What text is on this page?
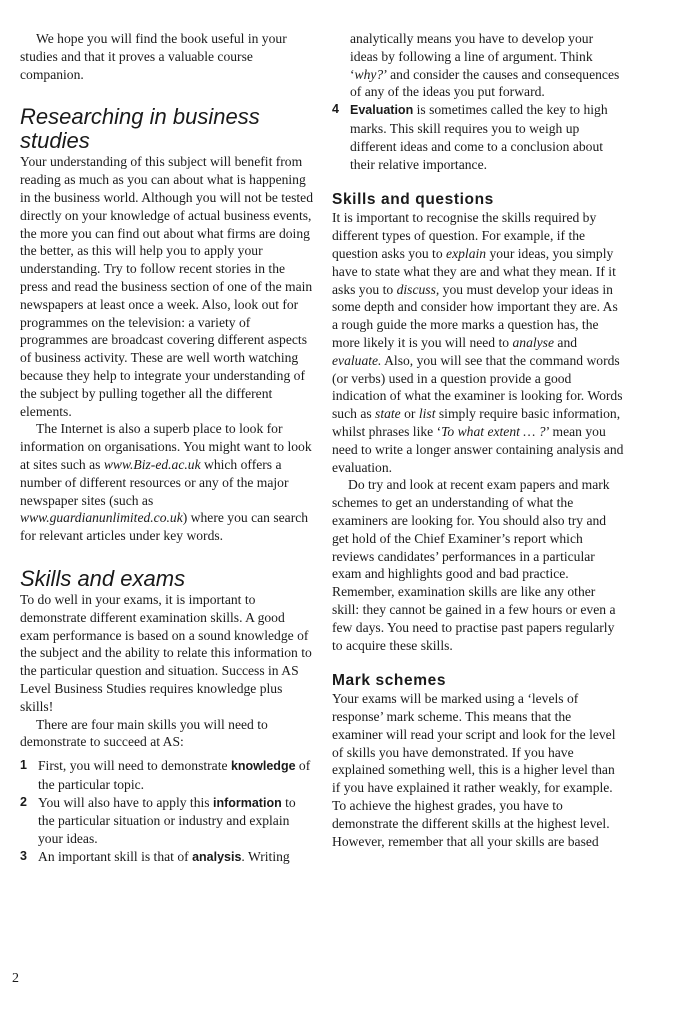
We hope you will find the book useful in your studies and that it proves a valuable course companion.

Researching in business studies

Your understanding of this subject will benefit from reading as much as you can about what is happening in the business world. Although you will not be tested directly on your knowledge of actual business events, the more you can find out about what firms are doing the better, as this will help you to apply your understanding. Try to follow recent stories in the press and read the business section of one of the main newspapers at least once a week. Also, look out for programmes on the television: a variety of programmes are broadcast covering different aspects of business activity. These are well worth watching because they help to integrate your understanding of the subject by pulling together all the different elements.

The Internet is also a superb place to look for information on organisations. You might want to look at sites such as www.Biz-ed.ac.uk which offers a number of different resources or any of the major newspaper sites (such as www.guardianunlimited.co.uk) where you can search for relevant articles under key words.

Skills and exams

To do well in your exams, it is important to demonstrate different examination skills. A good exam performance is based on a sound knowledge of the subject and the ability to relate this information to the particular question and situation. Success in AS Level Business Studies requires knowledge plus skills!

There are four main skills you will need to demonstrate to succeed at AS:

1 First, you will need to demonstrate knowledge of the particular topic.
2 You will also have to apply this information to the particular situation or industry and explain your ideas.
3 An important skill is that of analysis. Writing
analytically means you have to develop your ideas by following a line of argument. Think ‘why?’ and consider the causes and consequences of any of the ideas you put forward.
4 Evaluation is sometimes called the key to high marks. This skill requires you to weigh up different ideas and come to a conclusion about their relative importance.
Skills and questions

It is important to recognise the skills required by different types of question. For example, if the question asks you to explain your ideas, you simply have to state what they are and what they mean. If it asks you to discuss, you must develop your ideas in some depth and consider how important they are. As a rough guide the more marks a question has, the more likely it is you will need to analyse and evaluate. Also, you will see that the command words (or verbs) used in a question provide a good indication of what the examiner is looking for. Words such as state or list simply require basic information, whilst phrases like ‘To what extent … ?’ mean you need to write a longer answer containing analysis and evaluation.

Do try and look at recent exam papers and mark schemes to get an understanding of what the examiners are looking for. You should also try and get hold of the Chief Examiner’s report which reviews candidates’ performances in a particular exam and highlights good and bad practice. Remember, examination skills are like any other skill: they cannot be gained in a few hours or even a few days. You need to practise past papers regularly to acquire these skills.

Mark schemes

Your exams will be marked using a ‘levels of response’ mark scheme. This means that the examiner will read your script and look for the level of skills you have demonstrated. If you have explained something well, this is a higher level than if you have explained it rather weakly, for example. To achieve the highest grades, you have to demonstrate the different skills at the highest level. However, remember that all your skills are based

2
